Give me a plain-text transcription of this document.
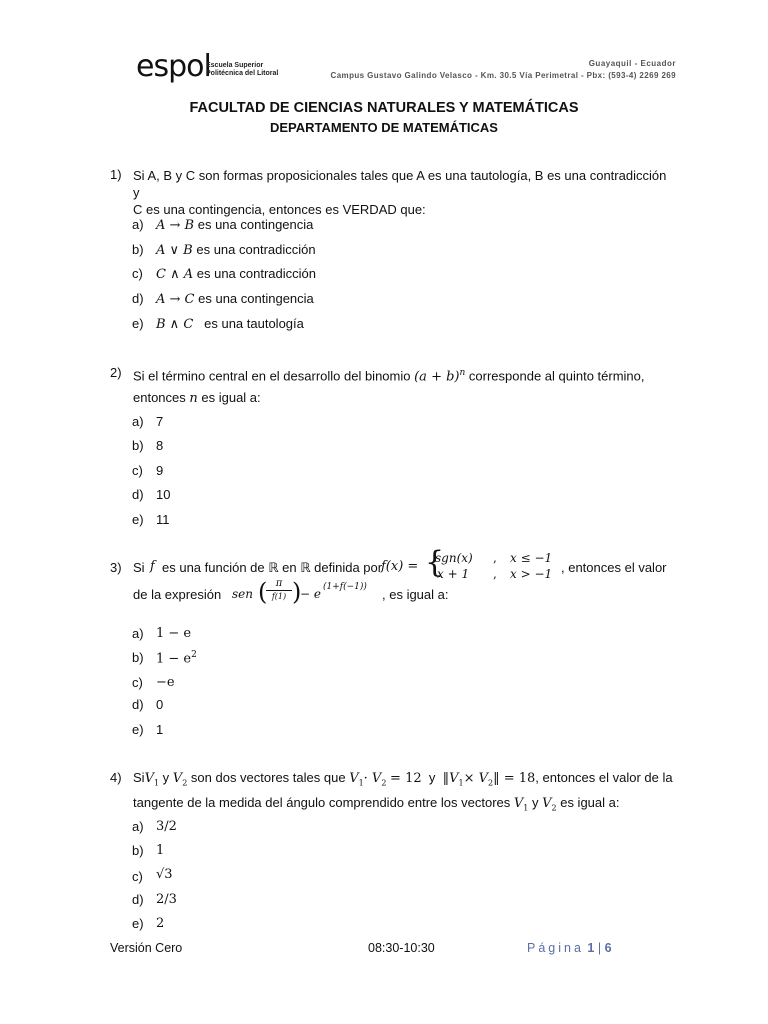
espol
Escuela Superior
Politécnica del Litoral
Guayaquil - Ecuador
Campus Gustavo Galindo Velasco - Km. 30.5 Vía Perimetral - Pbx: (593-4) 2269 269
FACULTAD DE CIENCIAS NATURALES Y MATEMÁTICAS
DEPARTAMENTO DE MATEMÁTICAS
1) Si A, B y C son formas proposicionales tales que A es una tautología, B es una contradicción y
C es una contingencia, entonces es VERDAD que:
a) A → B es una contingencia
b) A ∨ B es una contradicción
c) C ∧ A es una contradicción
d) A → C es una contingencia
e) B ∧ C es una tautología
2) Si el término central en el desarrollo del binomio $(a + b)^n$ corresponde al quinto término,
entonces n es igual a:
a) 7
b) 8
c) 9
d) 10
e) 11
3) Si f es una función de ℝ en ℝ definida por
f(x) = {
sgn(x) , x ≤ −1
x + 1 , x > −1 , entonces el valor
de la expresión sen ( π
f(1) )
− e (1+f(−1)) , es igual a:
a) 1 − e
b) $1 - e^2$
c) −e
d) 0
e) 1
4) SiV$_1$ y $V_2$ son dos vectores tales que $V_1\cdot V_2 = 12$ y $‖V_1\times$ $V_2‖ = 18$, entonces el valor de la
tangente de la medida del ángulo comprendido entre los vectores $V_1$ y $V_2$ es igual a:
a) 3/2
b) 1
c) √3
d) 2/3
e) 2
Versión Cero	08:30-10:30	Página 1 | 6
